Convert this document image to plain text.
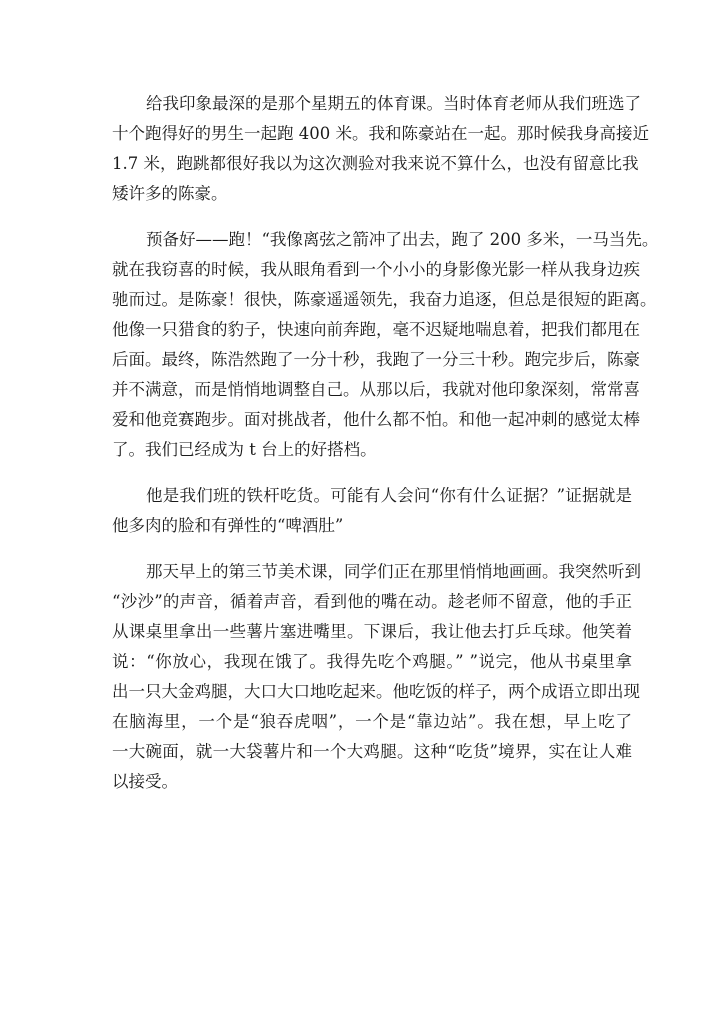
给我印象最深的是那个星期五的体育课。当时体育老师从我们班选了
十个跑得好的男生一起跑 400 米。我和陈豪站在一起。那时候我身高接近
1.7 米，跑跳都很好我以为这次测验对我来说不算什么，也没有留意比我
矮许多的陈豪。
预备好——跑！“我像离弦之箭冲了出去，跑了 200 多米，一马当先。
就在我窃喜的时候，我从眼角看到一个小小的身影像光影一样从我身边疾
驰而过。是陈豪！很快，陈豪遥遥领先，我奋力追逐，但总是很短的距离。
他像一只猎食的豹子，快速向前奔跑，毫不迟疑地喘息着，把我们都甩在
后面。最终，陈浩然跑了一分十秒，我跑了一分三十秒。跑完步后，陈豪
并不满意，而是悄悄地调整自己。从那以后，我就对他印象深刻，常常喜
爱和他竞赛跑步。面对挑战者，他什么都不怕。和他一起冲刺的感觉太棒
了。我们已经成为 t 台上的好搭档。
他是我们班的铁杆吃货。可能有人会问“你有什么证据？”证据就是
他多肉的脸和有弹性的“啤酒肚”
那天早上的第三节美术课，同学们正在那里悄悄地画画。我突然听到
“沙沙”的声音，循着声音，看到他的嘴在动。趁老师不留意，他的手正
从课桌里拿出一些薯片塞进嘴里。下课后，我让他去打乒乓球。他笑着
说：“你放心，我现在饿了。我得先吃个鸡腿。” ”说完，他从书桌里拿
出一只大金鸡腿，大口大口地吃起来。他吃饭的样子，两个成语立即出现
在脑海里，一个是“狼吞虎咽”，一个是“靠边站”。我在想，早上吃了
一大碗面，就一大袋薯片和一个大鸡腿。这种“吃货”境界，实在让人难
以接受。
